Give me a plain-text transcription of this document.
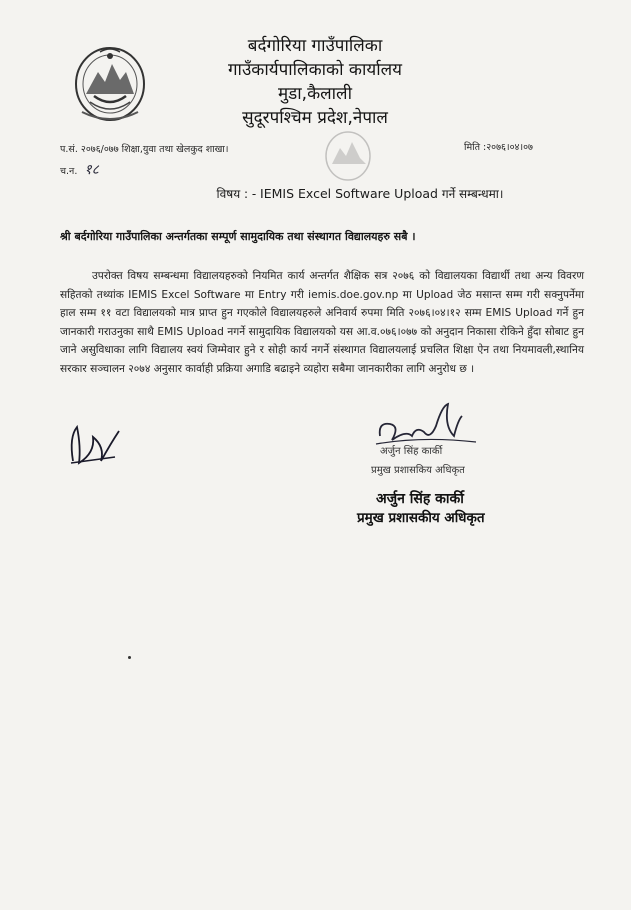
बर्दगोरिया गाउँपालिका
गाउँकार्यपालिकाको कार्यालय
मुडा,कैलाली
सुदूरपश्चिम प्रदेश,नेपाल
प.सं. २०७६/०७७ शिक्षा,युवा तथा खेलकुद शाखा।
च.न. १८
मिति :२०७६।०४।०७
विषय : - IEMIS Excel Software Upload गर्ने सम्बन्धमा।
श्री बर्दगोरिया गाउँपालिका अन्तर्गतका सम्पूर्ण सामुदायिक तथा संस्थागत विद्यालयहरु सबै ।

उपरोक्त विषय सम्बन्धमा विद्यालयहरुको नियमित कार्य अन्तर्गत शैक्षिक सत्र २०७६ को विद्यालयका विद्यार्थी तथा अन्य विवरण सहितको तथ्यांक IEMIS Excel Software मा Entry गरी iemis.doe.gov.np मा Upload जेठ मसान्त सम्म गरी सक्नुपर्नेमा हाल सम्म ११ वटा विद्यालयको मात्र प्राप्त हुन गएकोले विद्यालयहरुले अनिवार्य रुपमा मिति २०७६।०४।१२ सम्म EMIS Upload गर्ने हुन जानकारी गराउनुका साथै EMIS Upload नगर्ने सामुदायिक विद्यालयको यस आ.व.०७६।०७७ को अनुदान निकासा रोकिने हुँदा सोबाट हुन जाने असुविधाका लागि विद्यालय स्वयं जिम्मेवार हुने र सोही कार्य नगर्ने संस्थागत विद्यालयलाई प्रचलित शिक्षा ऐन तथा नियमावली,स्थानिय सरकार सञ्चालन २०७४ अनुसार कार्वाही प्रक्रिया अगाडि बढाइने व्यहोरा सबैमा जानकारीका लागि अनुरोध छ ।

अर्जुन सिंह कार्की
प्रमुख प्रशासकिय अधिकृत
अर्जुन सिंह कार्की
प्रमुख प्रशासकीय अधिकृत
